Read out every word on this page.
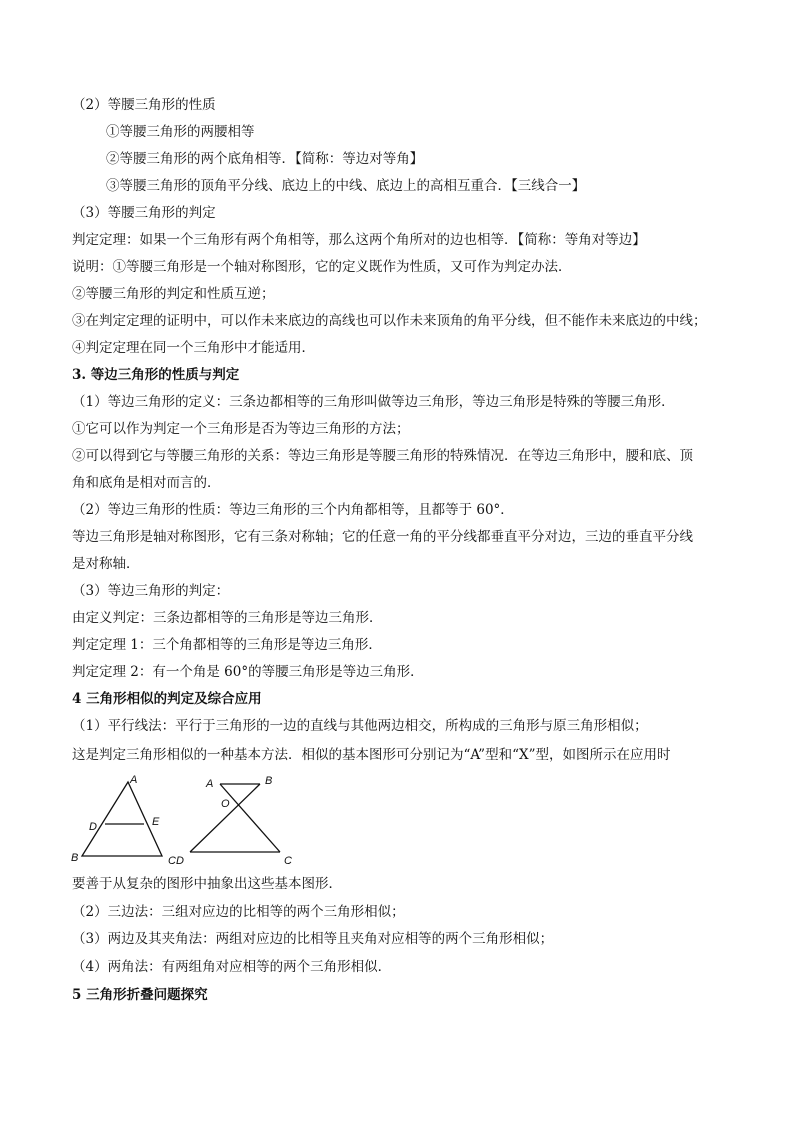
（2）等腰三角形的性质
①等腰三角形的两腰相等
②等腰三角形的两个底角相等．【简称：等边对等角】
③等腰三角形的顶角平分线、底边上的中线、底边上的高相互重合．【三线合一】
（3）等腰三角形的判定
判定定理：如果一个三角形有两个角相等，那么这两个角所对的边也相等．【简称：等角对等边】
说明：①等腰三角形是一个轴对称图形，它的定义既作为性质，又可作为判定办法．
②等腰三角形的判定和性质互逆；
③在判定定理的证明中，可以作未来底边的高线也可以作未来顶角的角平分线，但不能作未来底边的中线；
④判定定理在同一个三角形中才能适用．
3. 等边三角形的性质与判定
（1）等边三角形的定义：三条边都相等的三角形叫做等边三角形，等边三角形是特殊的等腰三角形．
①它可以作为判定一个三角形是否为等边三角形的方法；
②可以得到它与等腰三角形的关系：等边三角形是等腰三角形的特殊情况．在等边三角形中，腰和底、顶
角和底角是相对而言的．
（2）等边三角形的性质：等边三角形的三个内角都相等，且都等于 60°．
等边三角形是轴对称图形，它有三条对称轴；它的任意一角的平分线都垂直平分对边，三边的垂直平分线
是对称轴．
（3）等边三角形的判定：
由定义判定：三条边都相等的三角形是等边三角形．
判定定理 1：三个角都相等的三角形是等边三角形．
判定定理 2：有一个角是 60°的等腰三角形是等边三角形．
4 三角形相似的判定及综合应用
（1）平行线法：平行于三角形的一边的直线与其他两边相交，所构成的三角形与原三角形相似；
这是判定三角形相似的一种基本方法．相似的基本图形可分别记为“A”型和“X”型，如图所示在应用时
A
D	E
B
A	B
O
CD	C
要善于从复杂的图形中抽象出这些基本图形．
（2）三边法：三组对应边的比相等的两个三角形相似；
（3）两边及其夹角法：两组对应边的比相等且夹角对应相等的两个三角形相似；
（4）两角法：有两组角对应相等的两个三角形相似．
5 三角形折叠问题探究
